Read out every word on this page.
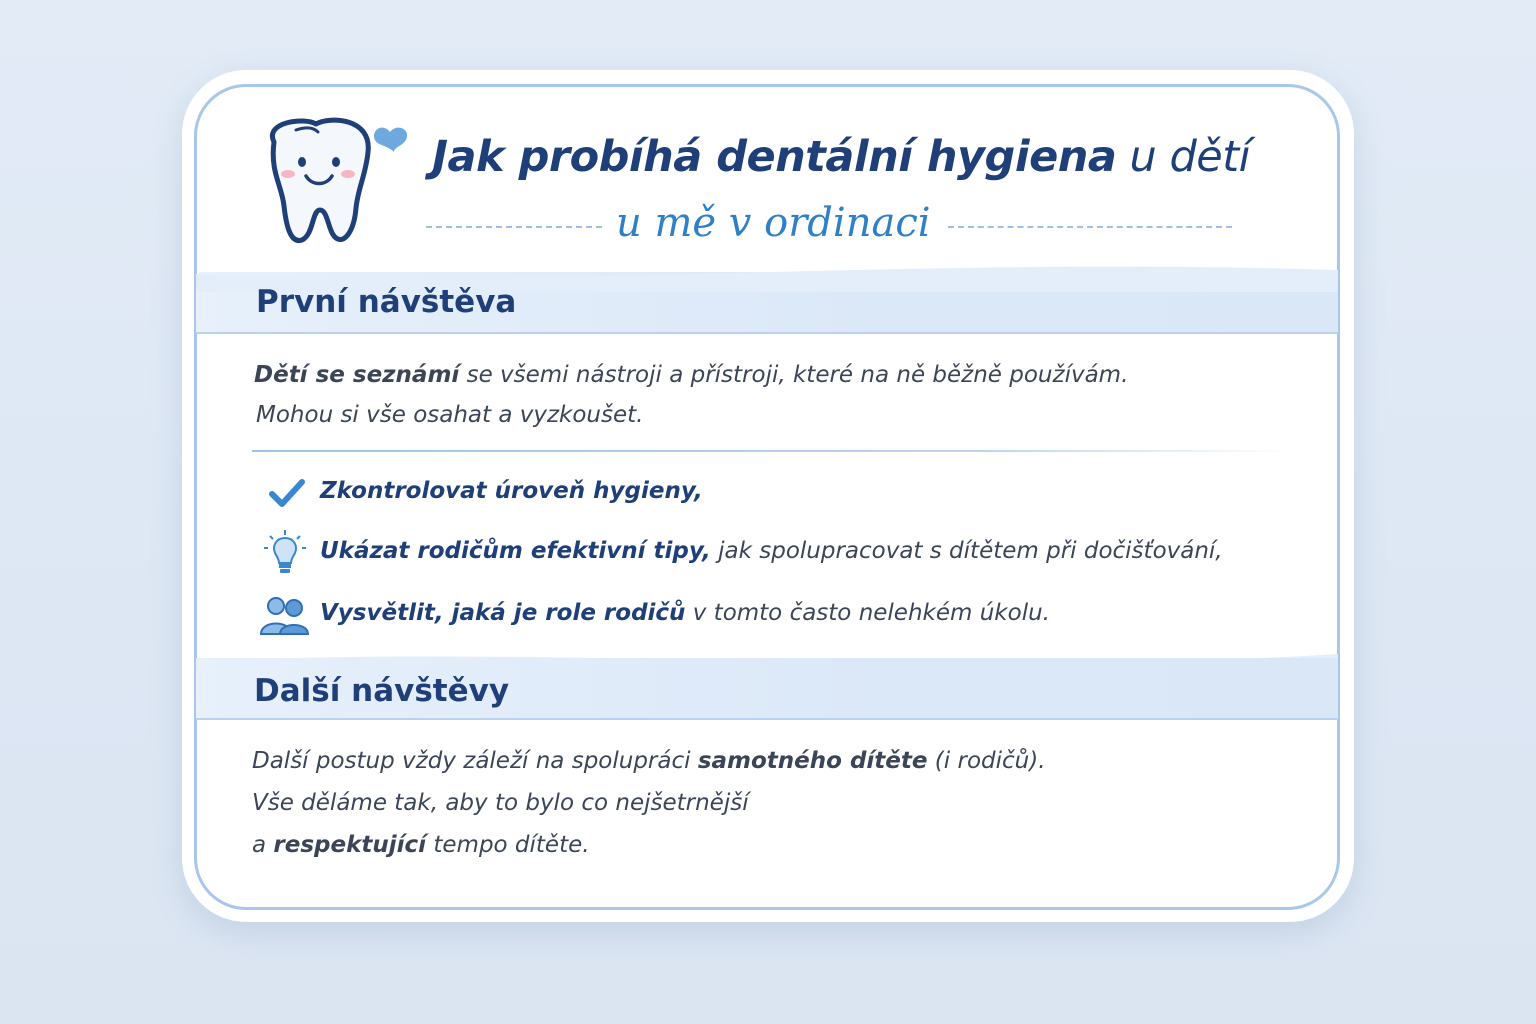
Jak probíhá dentální hygiena u dětí
u mě v ordinaci
První návštěva
Dětí se seznámí se všemi nástroji a přístroji, které na ně běžně používám.
Mohou si vše osahat a vyzkoušet.
Zkontrolovat úroveň hygieny,
Ukázat rodičům efektivní tipy, jak spolupracovat s dítětem při dočišťování,
Vysvětlit, jaká je role rodičů v tomto často nelehkém úkolu.
Další návštěvy
Další postup vždy záleží na spolupráci samotného dítěte (i rodičů).
Vše děláme tak, aby to bylo co nejšetrnější
a respektující tempo dítěte.
